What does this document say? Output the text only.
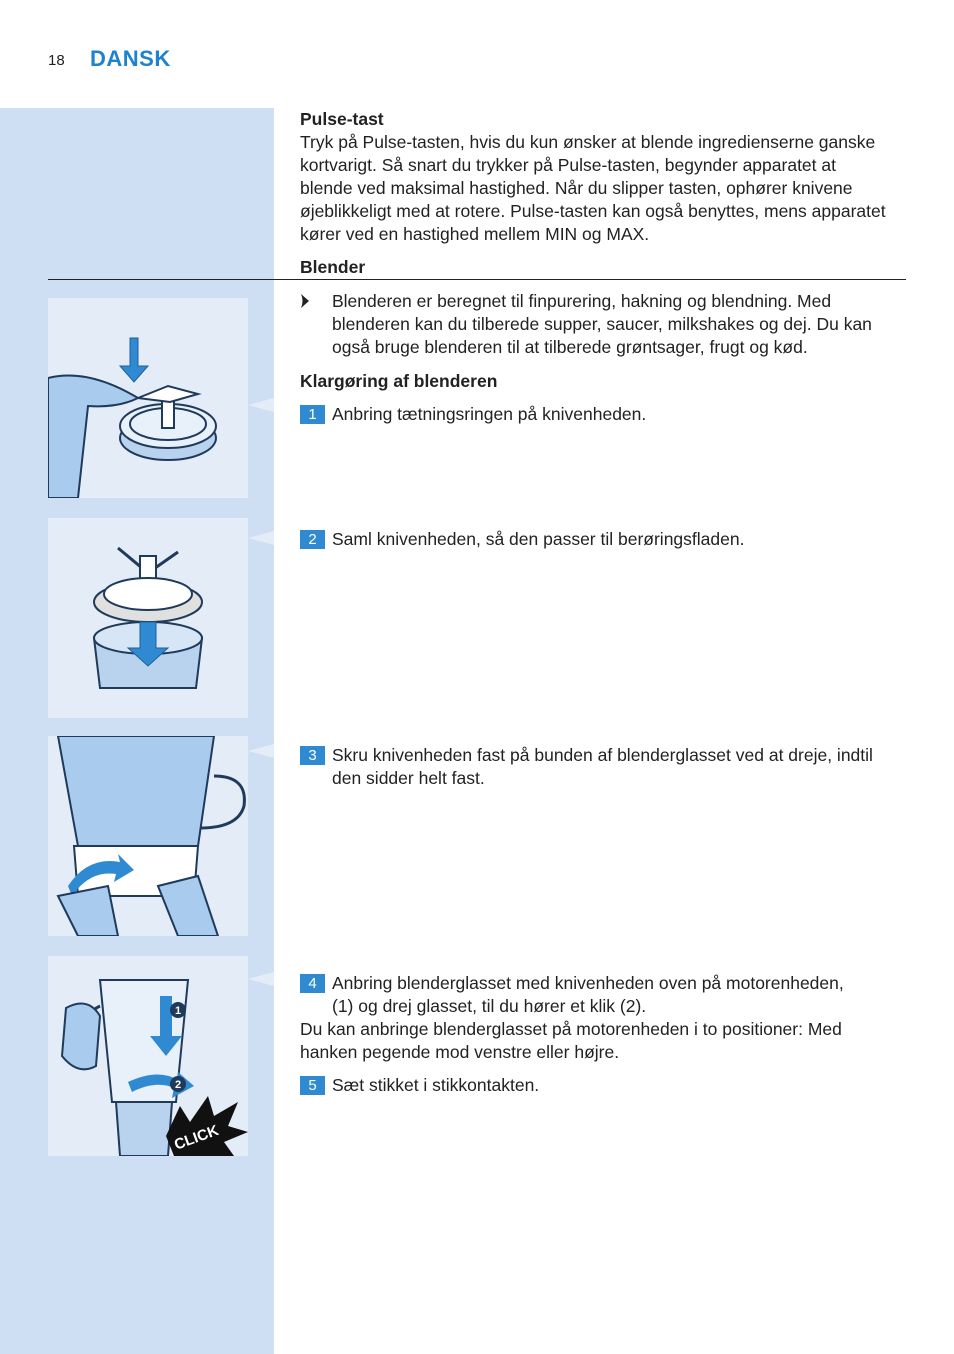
18 DANSK
Pulse-tast
Tryk på Pulse-tasten, hvis du kun ønsker at blende ingredienserne ganske
kortvarigt. Så snart du trykker på Pulse-tasten, begynder apparatet at
blende ved maksimal hastighed. Når du slipper tasten, ophører knivene
øjeblikkeligt med at rotere. Pulse-tasten kan også benyttes, mens apparatet
kører ved en hastighed mellem MIN og MAX.
Blender
Blenderen er beregnet til finpurering, hakning og blendning. Med
blenderen kan du tilberede supper, saucer, milkshakes og dej. Du kan
også bruge blenderen til at tilberede grøntsager, frugt og kød.
Klargøring af blenderen
1 Anbring tætningsringen på knivenheden.
2 Saml knivenheden, så den passer til berøringsfladen.
3 Skru knivenheden fast på bunden af blenderglasset ved at dreje, indtil
den sidder helt fast.
4 Anbring blenderglasset med knivenheden oven på motorenheden,
(1) og drej glasset, til du hører et klik (2).
Du kan anbringe blenderglasset på motorenheden i to positioner: Med
hanken pegende mod venstre eller højre.
5 Sæt stikket i stikkontakten.
1
2
CLICK
